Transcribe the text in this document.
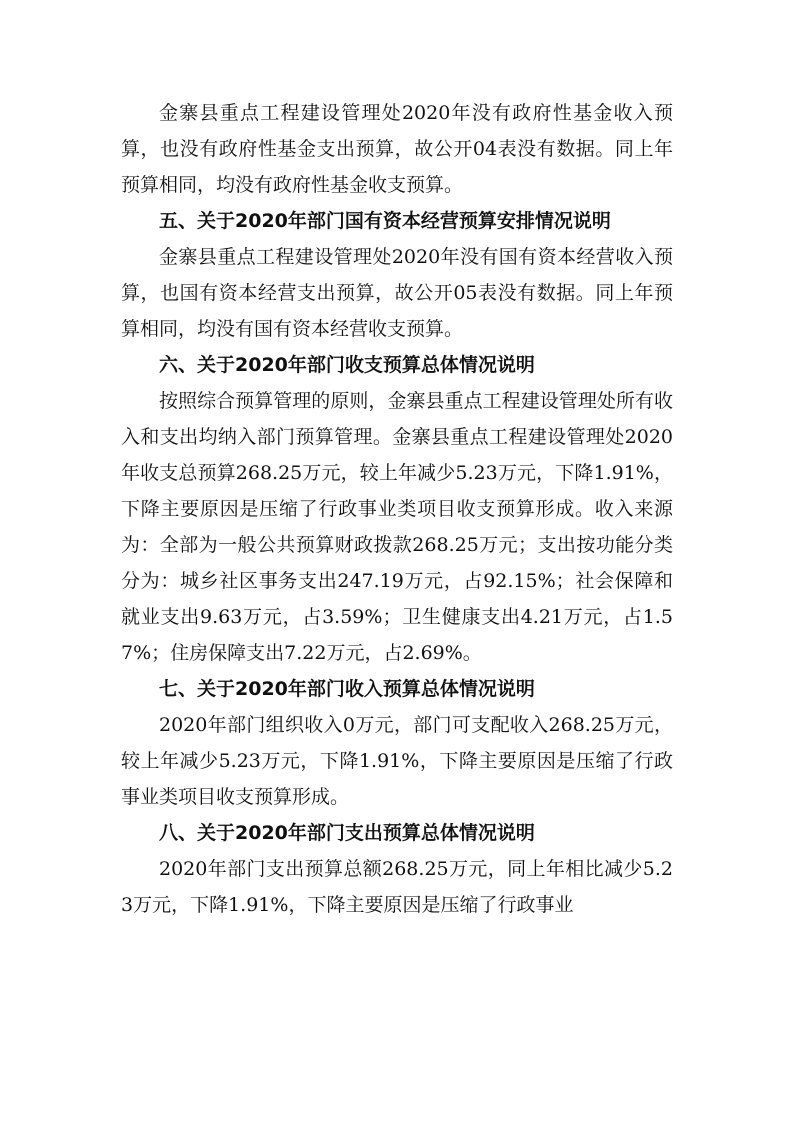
金寨县重点工程建设管理处2020年没有政府性基金收入预算，也没有政府性基金支出预算，故公开04表没有数据。同上年预算相同，均没有政府性基金收支预算。

五、关于2020年部门国有资本经营预算安排情况说明

金寨县重点工程建设管理处2020年没有国有资本经营收入预算，也国有资本经营支出预算，故公开05表没有数据。同上年预算相同，均没有国有资本经营收支预算。

六、关于2020年部门收支预算总体情况说明

按照综合预算管理的原则，金寨县重点工程建设管理处所有收入和支出均纳入部门预算管理。金寨县重点工程建设管理处2020年收支总预算268.25万元，较上年减少5.23万元，下降1.91%，下降主要原因是压缩了行政事业类项目收支预算形成。收入来源为：全部为一般公共预算财政拨款268.25万元；支出按功能分类分为：城乡社区事务支出247.19万元，占92.15%；社会保障和就业支出9.63万元，占3.59%；卫生健康支出4.21万元，占1.57%；住房保障支出7.22万元，占2.69%。

七、关于2020年部门收入预算总体情况说明

2020年部门组织收入0万元，部门可支配收入268.25万元，较上年减少5.23万元，下降1.91%，下降主要原因是压缩了行政事业类项目收支预算形成。

八、关于2020年部门支出预算总体情况说明

2020年部门支出预算总额268.25万元，同上年相比减少5.23万元，下降1.91%，下降主要原因是压缩了行政事业
